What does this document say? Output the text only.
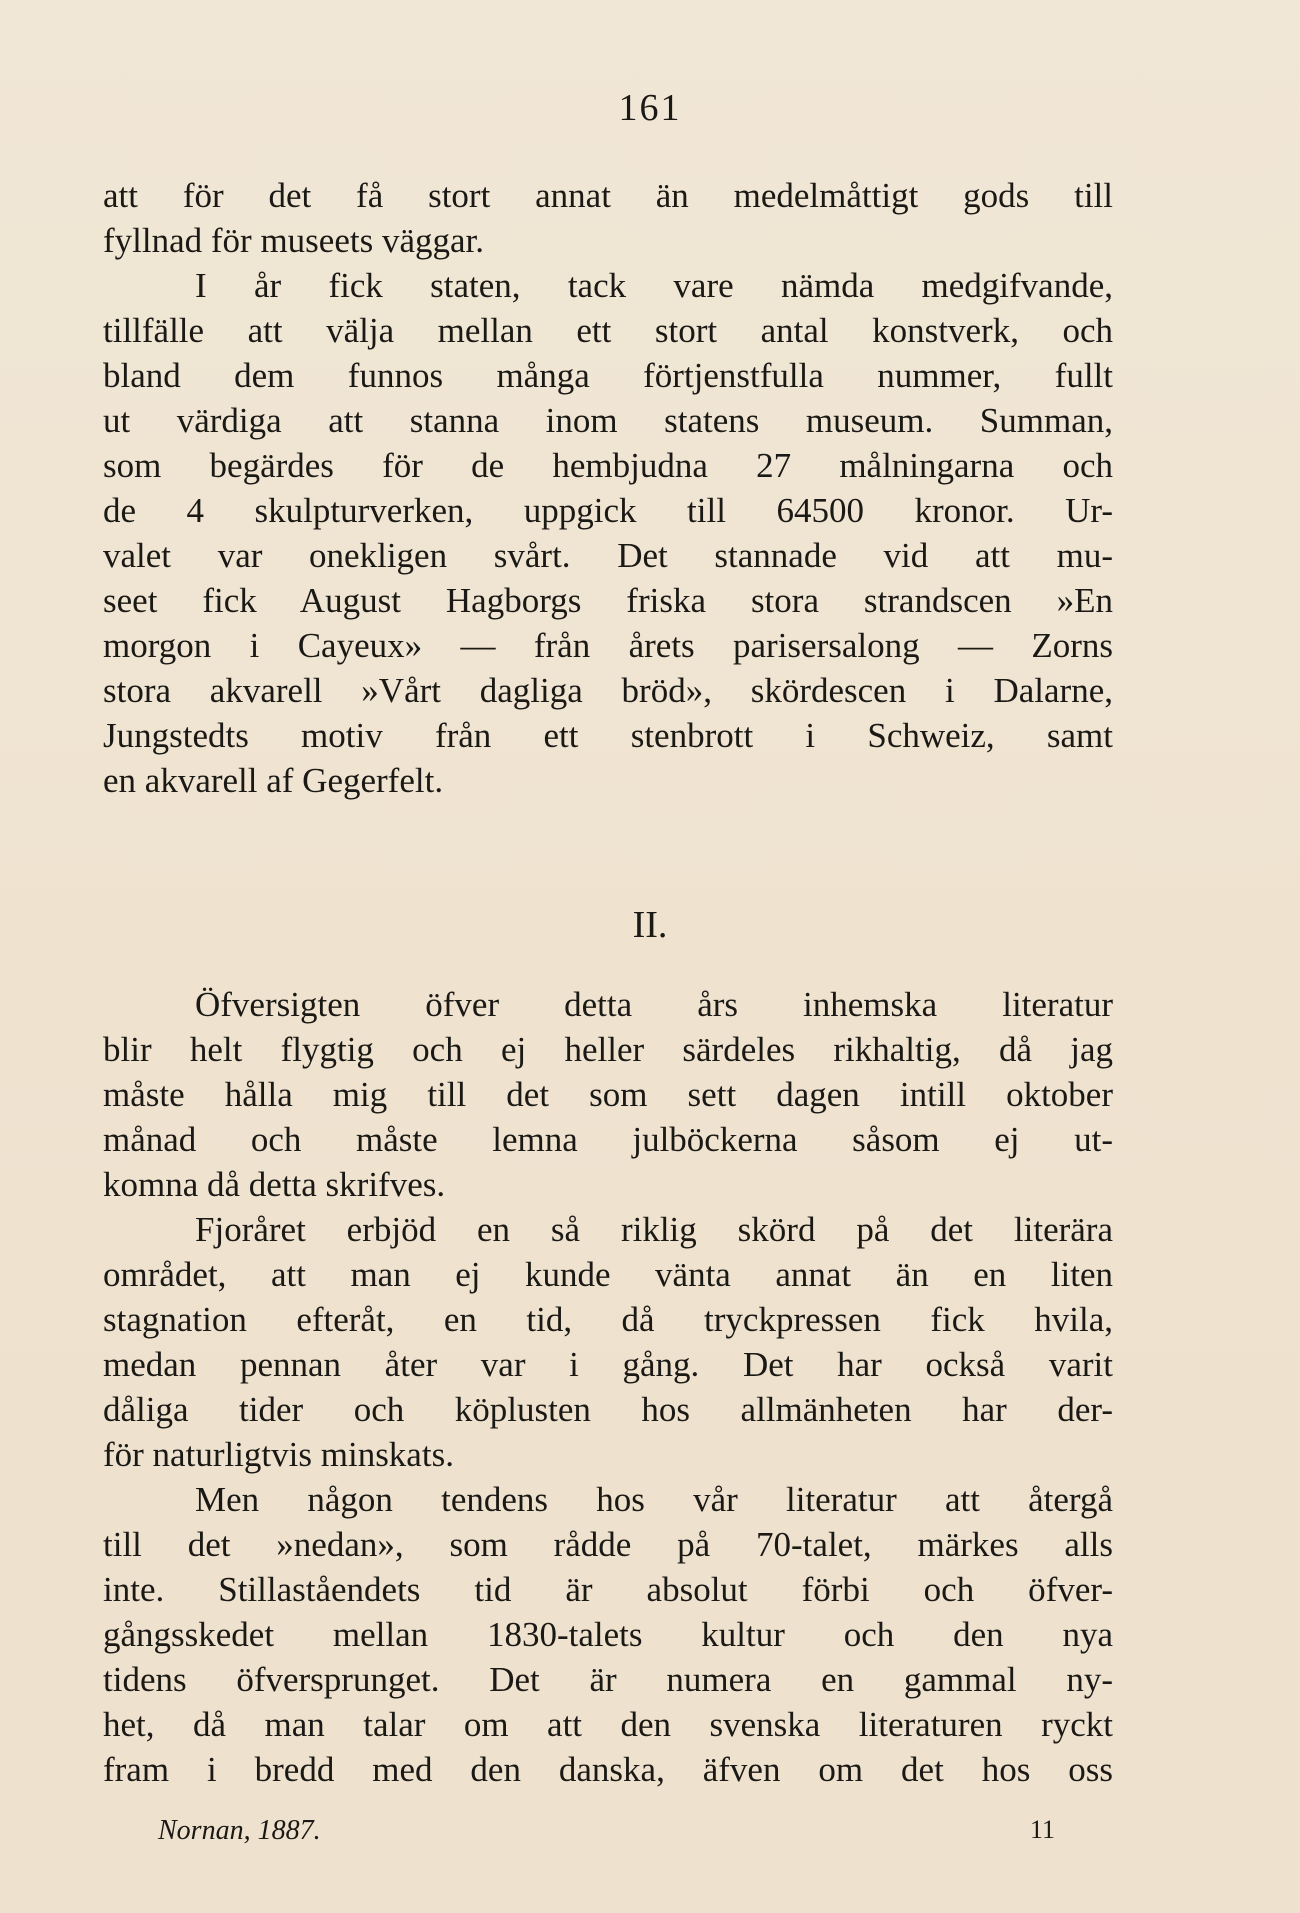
161
att för det få stort annat än medelmåttigt gods till
fyllnad för museets väggar.
I år fick staten, tack vare nämda medgifvande,
tillfälle att välja mellan ett stort antal konstverk, och
bland dem funnos många förtjenstfulla nummer, fullt
ut värdiga att stanna inom statens museum. Summan,
som begärdes för de hembjudna 27 målningarna och
de 4 skulpturverken, uppgick till 64500 kronor. Ur-
valet var onekligen svårt. Det stannade vid att mu-
seet fick August Hagborgs friska stora strandscen »En
morgon i Cayeux» — från årets parisersalong — Zorns
stora akvarell »Vårt dagliga bröd», skördescen i Dalarne,
Jungstedts motiv från ett stenbrott i Schweiz, samt
en akvarell af Gegerfelt.
II.
Öfversigten öfver detta års inhemska literatur
blir helt flygtig och ej heller särdeles rikhaltig, då jag
måste hålla mig till det som sett dagen intill oktober
månad och måste lemna julböckerna såsom ej ut-
komna då detta skrifves.
Fjoråret erbjöd en så riklig skörd på det literära
området, att man ej kunde vänta annat än en liten
stagnation efteråt, en tid, då tryckpressen fick hvila,
medan pennan åter var i gång. Det har också varit
dåliga tider och köplusten hos allmänheten har der-
för naturligtvis minskats.
Men någon tendens hos vår literatur att återgå
till det »nedan», som rådde på 70-talet, märkes alls
inte. Stillaståendets tid är absolut förbi och öfver-
gångsskedet mellan 1830-talets kultur och den nya
tidens öfversprunget. Det är numera en gammal ny-
het, då man talar om att den svenska literaturen ryckt
fram i bredd med den danska, äfven om det hos oss
Nornan, 1887.	11
